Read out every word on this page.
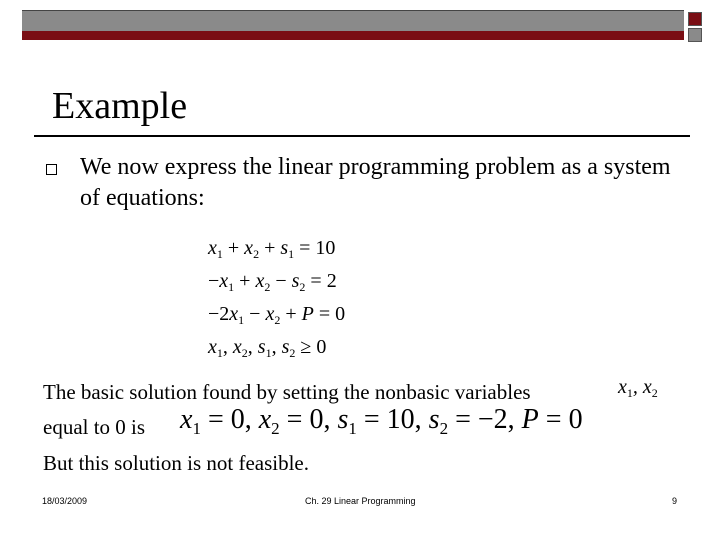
Example

We now express the linear programming problem as a system of equations:

$x_1 + x_2 + s_1 = 10$
$-x_1 + x_2 - s_2 = 2$
$-2x_1 - x_2 + P = 0$
$x_1$, $x_2$, $s_1$, $s_2 \ge 0$
The basic solution found by setting the nonbasic variables	$x_1$, $x_2$
equal to 0 is $x_1 = 0$, $x_2 = 0$, $s_1 = 10$, $s_2 = -2$, P = 0
But this solution is not feasible.
18/03/2009	Ch. 29 Linear Programming	9
